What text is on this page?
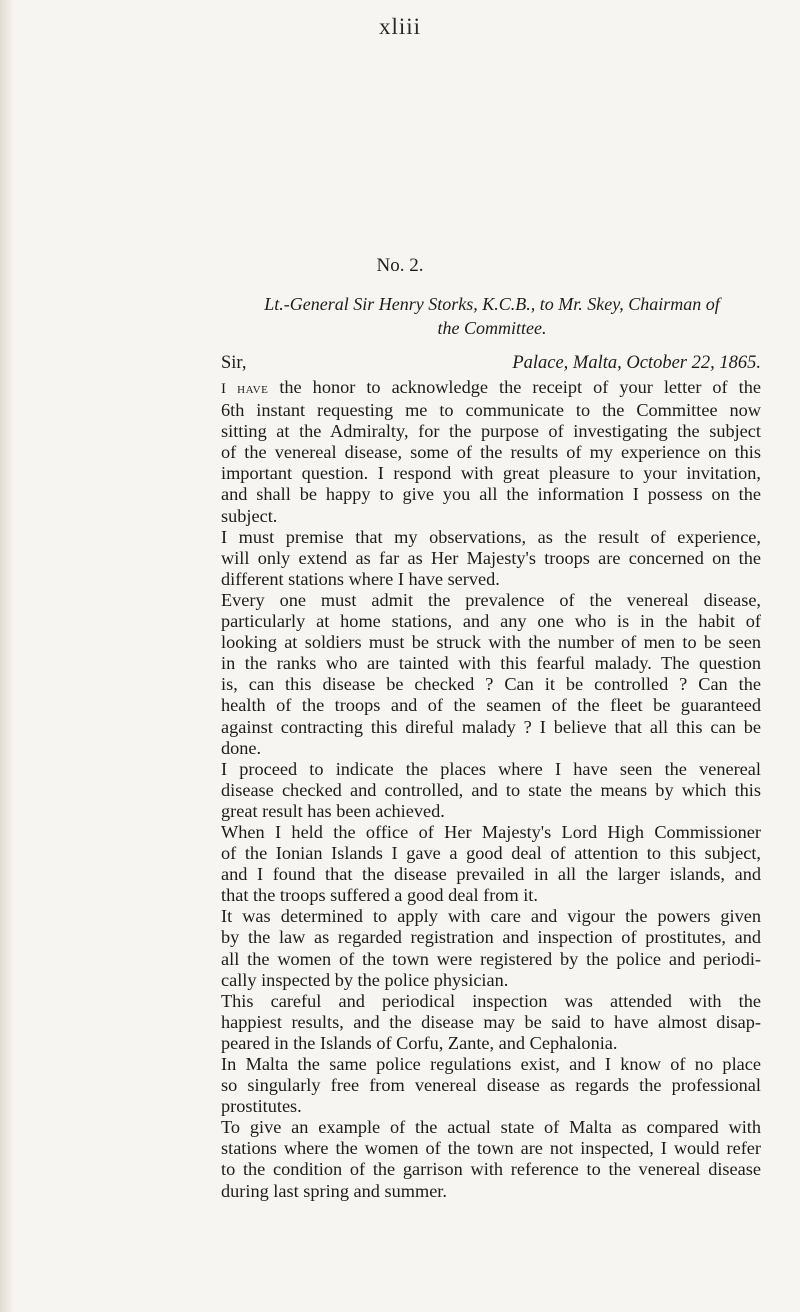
xliii
No. 2.
Lt.-General Sir Henry Storks, K.C.B., to Mr. Skey, Chairman of
the Committee.
Sir,	Palace, Malta, October 22, 1865.
I have the honor to acknowledge the receipt of your letter of the
6th instant requesting me to communicate to the Committee now
sitting at the Admiralty, for the purpose of investigating the subject
of the venereal disease, some of the results of my experience on this
important question. I respond with great pleasure to your invitation,
and shall be happy to give you all the information I possess on the
subject.
I must premise that my observations, as the result of experience,
will only extend as far as Her Majesty's troops are concerned on the
different stations where I have served.
Every one must admit the prevalence of the venereal disease,
particularly at home stations, and any one who is in the habit of
looking at soldiers must be struck with the number of men to be seen
in the ranks who are tainted with this fearful malady. The question
is, can this disease be checked ? Can it be controlled ? Can the
health of the troops and of the seamen of the fleet be guaranteed
against contracting this direful malady ? I believe that all this can be
done.
I proceed to indicate the places where I have seen the venereal
disease checked and controlled, and to state the means by which this
great result has been achieved.
When I held the office of Her Majesty's Lord High Commissioner
of the Ionian Islands I gave a good deal of attention to this subject,
and I found that the disease prevailed in all the larger islands, and
that the troops suffered a good deal from it.
It was determined to apply with care and vigour the powers given
by the law as regarded registration and inspection of prostitutes, and
all the women of the town were registered by the police and periodi-
cally inspected by the police physician.
This careful and periodical inspection was attended with the
happiest results, and the disease may be said to have almost disap-
peared in the Islands of Corfu, Zante, and Cephalonia.
In Malta the same police regulations exist, and I know of no place
so singularly free from venereal disease as regards the professional
prostitutes.
To give an example of the actual state of Malta as compared with
stations where the women of the town are not inspected, I would refer
to the condition of the garrison with reference to the venereal disease
during last spring and summer.
